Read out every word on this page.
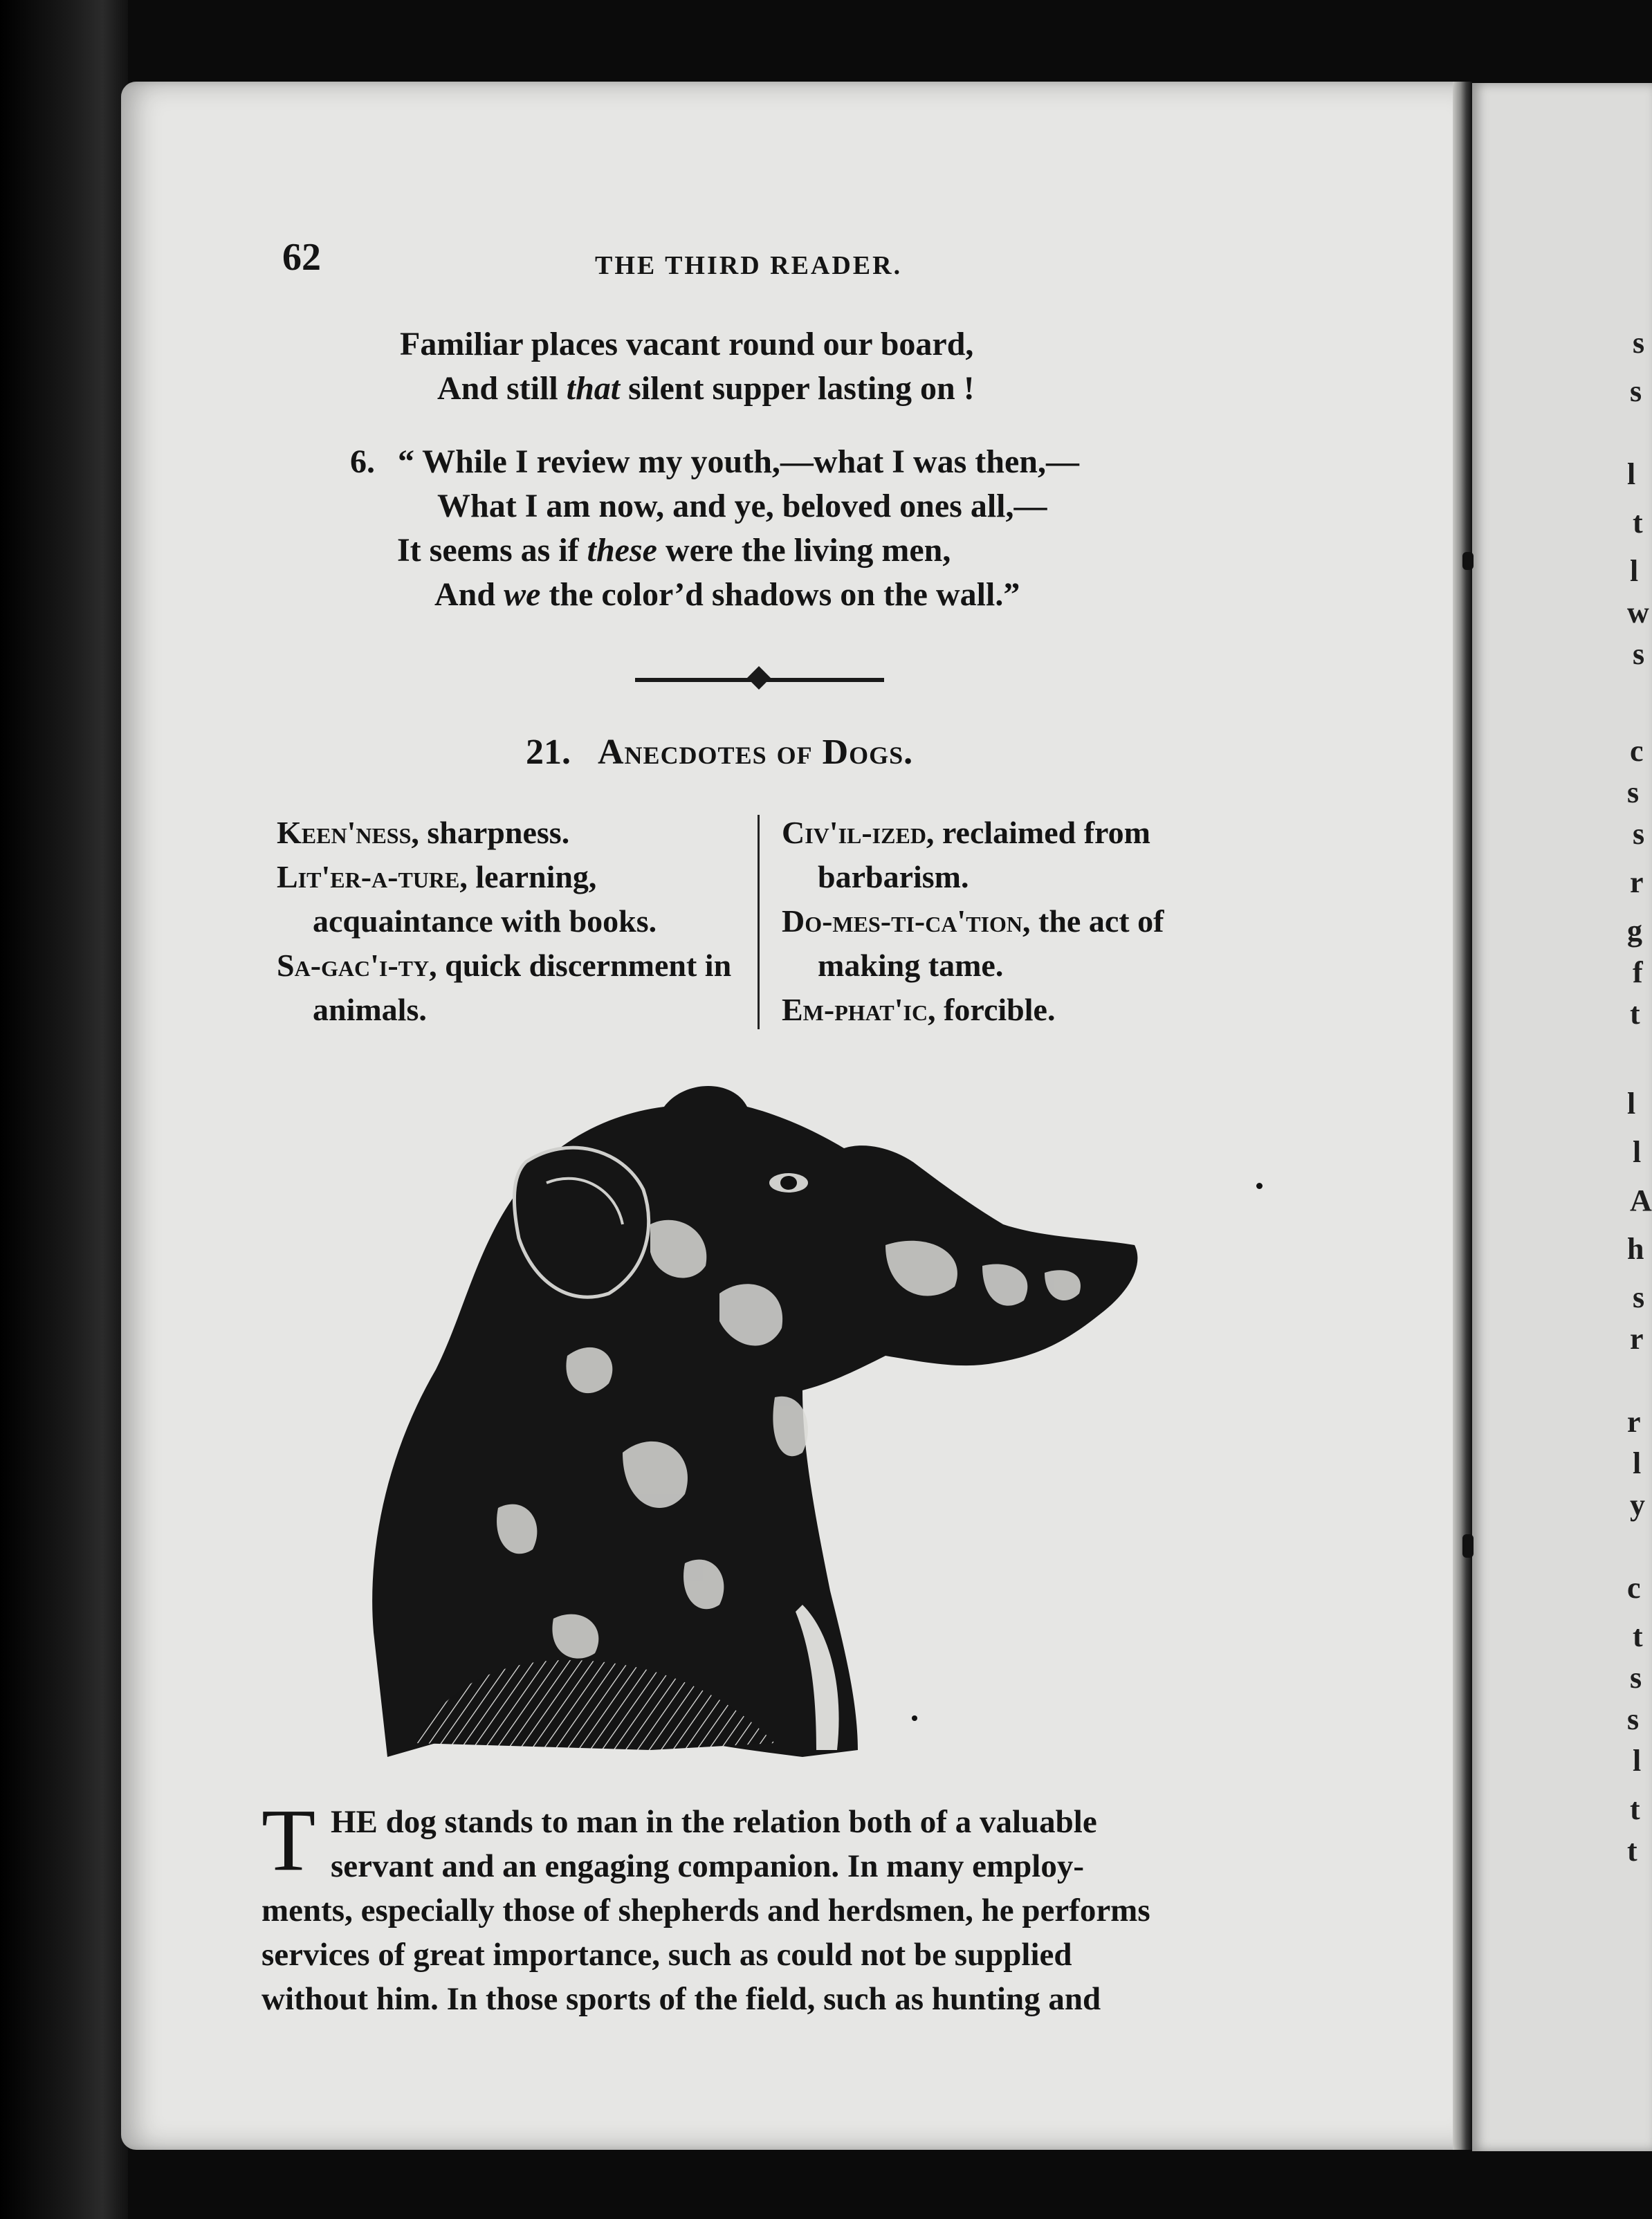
s
s
l
t
l
w
s
c
s
s
r
g
f
t
l
l
A
h
s
r
r
l
y
c
t
s
s
l
t
t
62	THE THIRD READER.
Familiar places vacant round our board,
And still that silent supper lasting on !
6. “ While I review my youth,—what I was then,—
What I am now, and ye, beloved ones all,—
It seems as if these were the living men,
And we the color’d shadows on the wall.”
21. Anecdotes of Dogs.

Keen'ness, sharpness.

Lit'er-a-ture, learning, acquaintance with books.

Sa-gac'i-ty, quick discernment in animals.

Civ'il-ized, reclaimed from barbarism.

Do-mes-ti-ca'tion, the act of making tame.

Em-phat'ic, forcible.

T HE dog stands to man in the relation both of a valuable
servant and an engaging companion. In many employ-
ments, especially those of shepherds and herdsmen, he performs
services of great importance, such as could not be supplied
without him. In those sports of the field, such as hunting and
